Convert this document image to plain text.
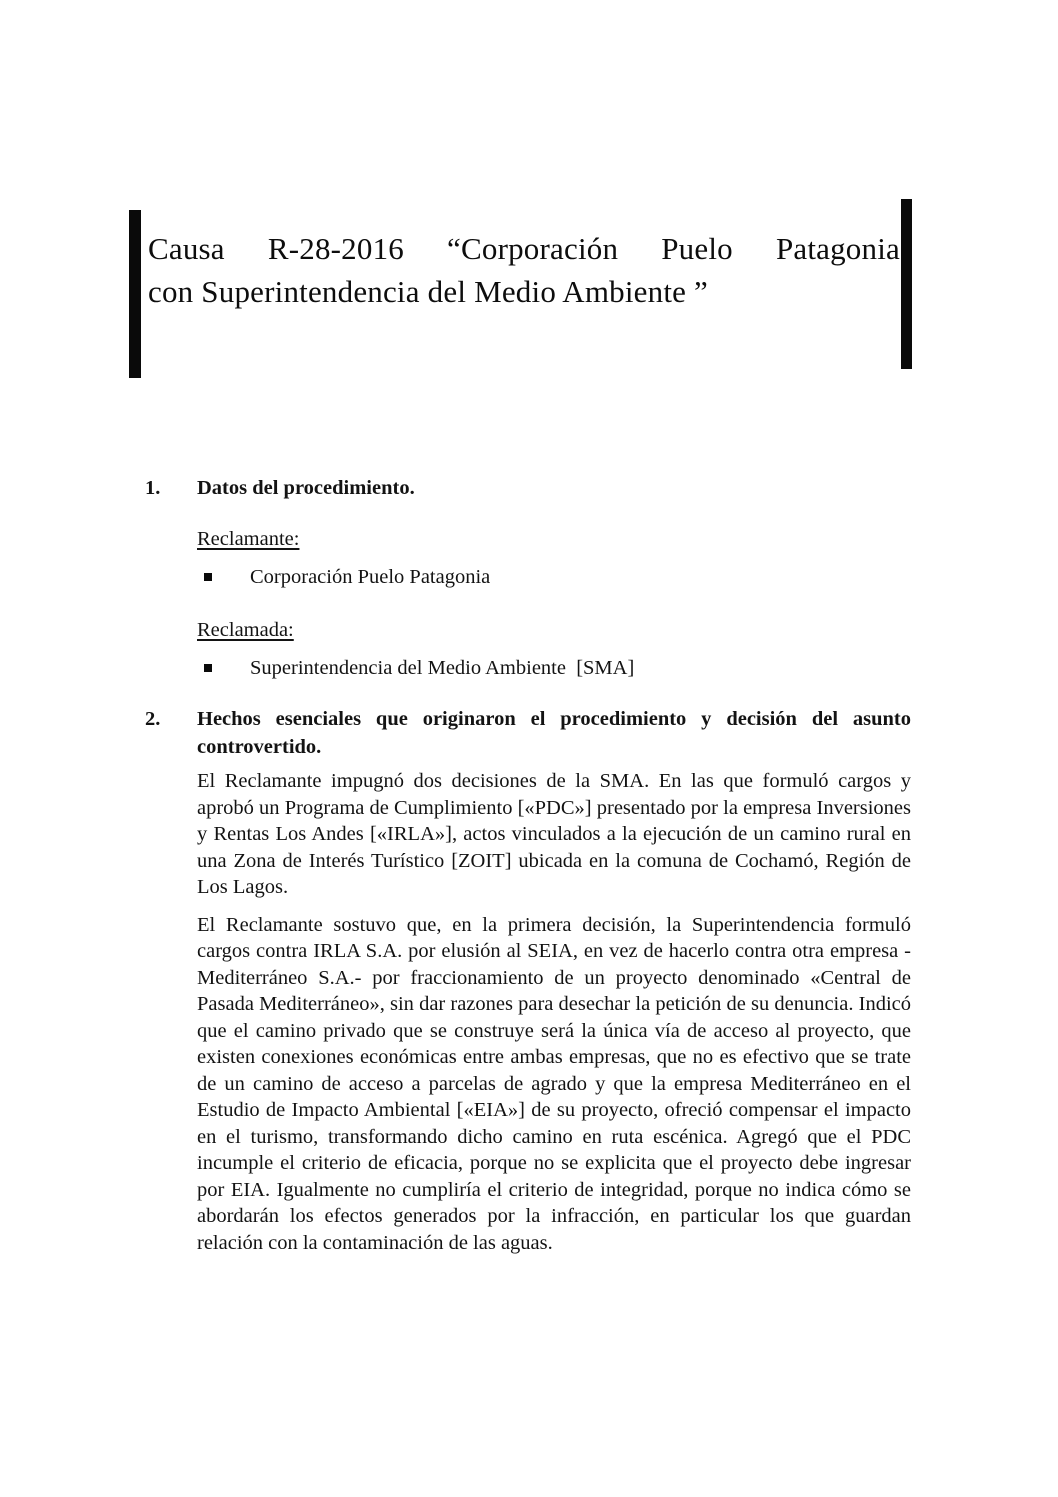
Causa R-28-2016 “Corporación Puelo Patagonia
con Superintendencia del Medio Ambiente ”
1.	Datos del procedimiento.
Reclamante:
Corporación Puelo Patagonia
Reclamada:
Superintendencia del Medio Ambiente  [SMA]
2.	Hechos esenciales que originaron el procedimiento y decisión del asunto controvertido.

El Reclamante impugnó dos decisiones de la SMA. En las que formuló cargos y aprobó un Programa de Cumplimiento [«PDC»] presentado por la empresa Inversiones y Rentas Los Andes [«IRLA»], actos vinculados a la ejecución de un camino rural en una Zona de Interés Turístico [ZOIT] ubicada en la comuna de Cochamó, Región de Los Lagos.

El Reclamante sostuvo que, en la primera decisión, la Superintendencia formuló cargos contra IRLA S.A. por elusión al SEIA, en vez de hacerlo contra otra empresa -Mediterráneo S.A.- por fraccionamiento de un proyecto denominado «Central de Pasada Mediterráneo», sin dar razones para desechar la petición de su denuncia. Indicó que el camino privado que se construye será la única vía de acceso al proyecto, que existen conexiones económicas entre ambas empresas, que no es efectivo que se trate de un camino de acceso a parcelas de agrado y que la empresa Mediterráneo en el Estudio de Impacto Ambiental [«EIA»] de su proyecto, ofreció compensar el impacto en el turismo, transformando dicho camino en ruta escénica. Agregó que el PDC incumple el criterio de eficacia, porque no se explicita que el proyecto debe ingresar por EIA. Igualmente no cumpliría el criterio de integridad, porque no indica cómo se abordarán los efectos generados por la infracción, en particular los que guardan relación con la contaminación de las aguas.
